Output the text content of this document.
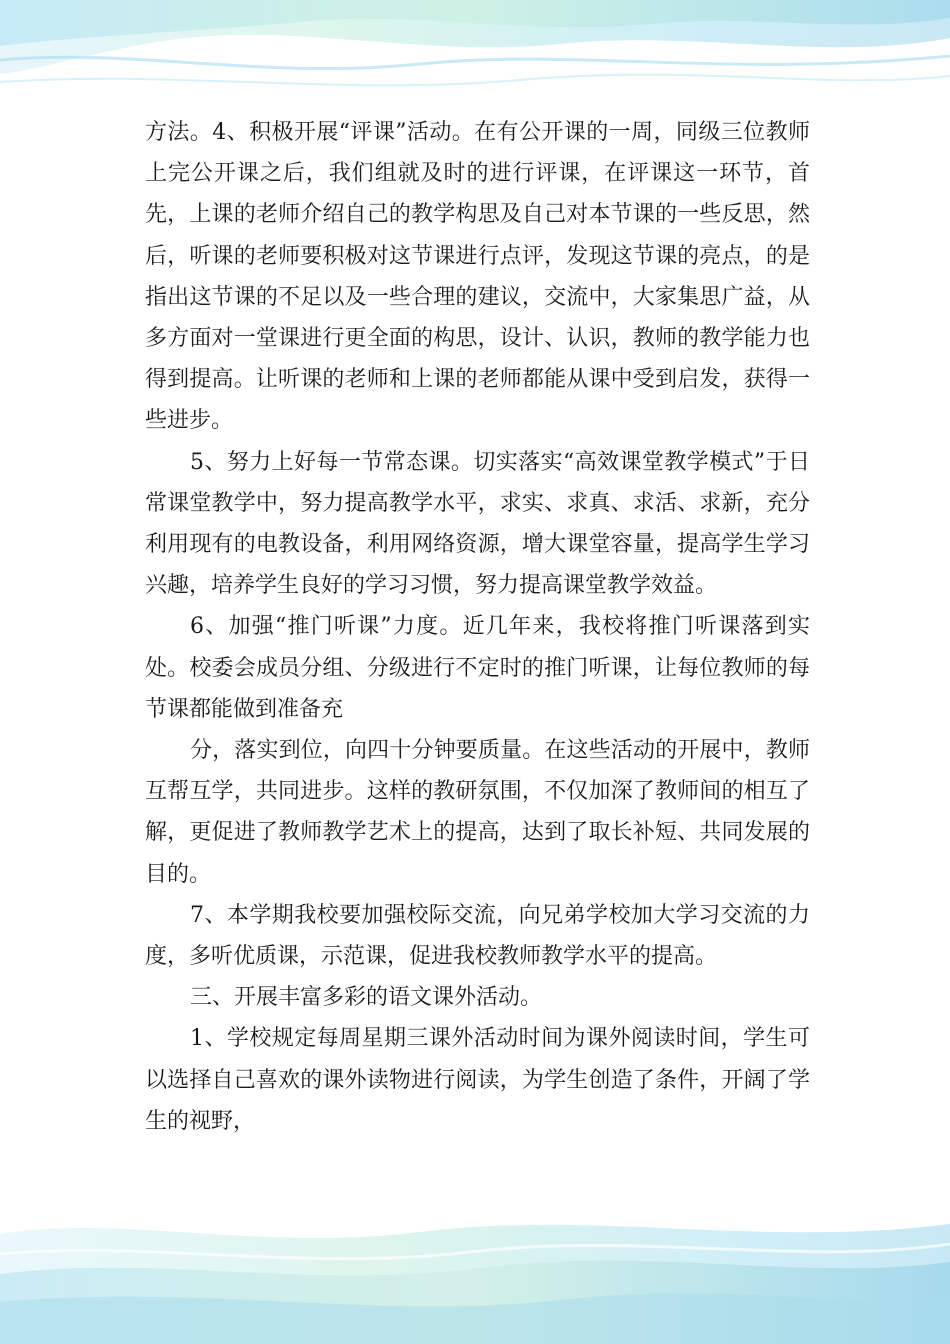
方法。4、积极开展“评课”活动。在有公开课的一周，同级三位教师上完公开课之后，我们组就及时的进行评课，在评课这一环节，首先，上课的老师介绍自己的教学构思及自己对本节课的一些反思，然后，听课的老师要积极对这节课进行点评，发现这节课的亮点，的是指出这节课的不足以及一些合理的建议，交流中，大家集思广益，从多方面对一堂课进行更全面的构思，设计、认识，教师的教学能力也得到提高。让听课的老师和上课的老师都能从课中受到启发，获得一些进步。

5、努力上好每一节常态课。切实落实“高效课堂教学模式”于日常课堂教学中，努力提高教学水平，求实、求真、求活、求新，充分利用现有的电教设备，利用网络资源，增大课堂容量，提高学生学习兴趣，培养学生良好的学习习惯，努力提高课堂教学效益。

6、加强“推门听课”力度。近几年来，我校将推门听课落到实处。校委会成员分组、分级进行不定时的推门听课，让每位教师的每节课都能做到准备充

分，落实到位，向四十分钟要质量。在这些活动的开展中，教师互帮互学，共同进步。这样的教研氛围，不仅加深了教师间的相互了解，更促进了教师教学艺术上的提高，达到了取长补短、共同发展的目的。

7、本学期我校要加强校际交流，向兄弟学校加大学习交流的力度，多听优质课，示范课，促进我校教师教学水平的提高。

三、开展丰富多彩的语文课外活动。

1、学校规定每周星期三课外活动时间为课外阅读时间，学生可以选择自己喜欢的课外读物进行阅读，为学生创造了条件，开阔了学生的视野，
